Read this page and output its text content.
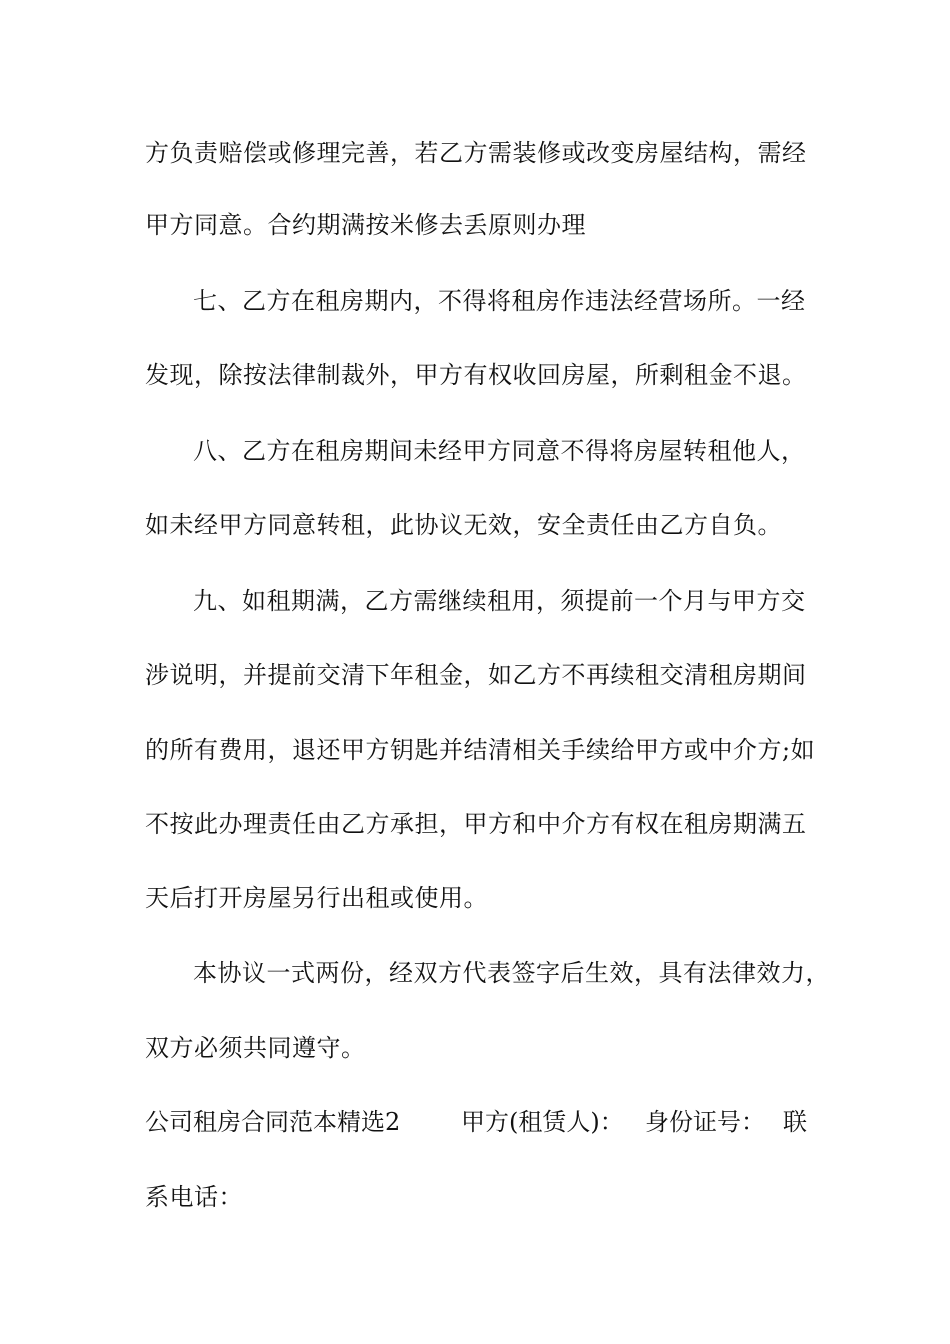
方负责赔偿或修理完善，若乙方需装修或改变房屋结构，需经
甲方同意。合约期满按米修去丢原则办理
七、乙方在租房期内，不得将租房作违法经营场所。一经
发现，除按法律制裁外，甲方有权收回房屋，所剩租金不退。
八、乙方在租房期间未经甲方同意不得将房屋转租他人，
如未经甲方同意转租，此协议无效，安全责任由乙方自负。
九、如租期满，乙方需继续租用，须提前一个月与甲方交
涉说明，并提前交清下年租金，如乙方不再续租交清租房期间
的所有费用，退还甲方钥匙并结清相关手续给甲方或中介方;如
不按此办理责任由乙方承担，甲方和中介方有权在租房期满五
天后打开房屋另行出租或使用。
本协议一式两份，经双方代表签字后生效，具有法律效力，
双方必须共同遵守。
公司租房合同范本精选2	甲方(租赁人)： 身份证号： 联
系电话：
